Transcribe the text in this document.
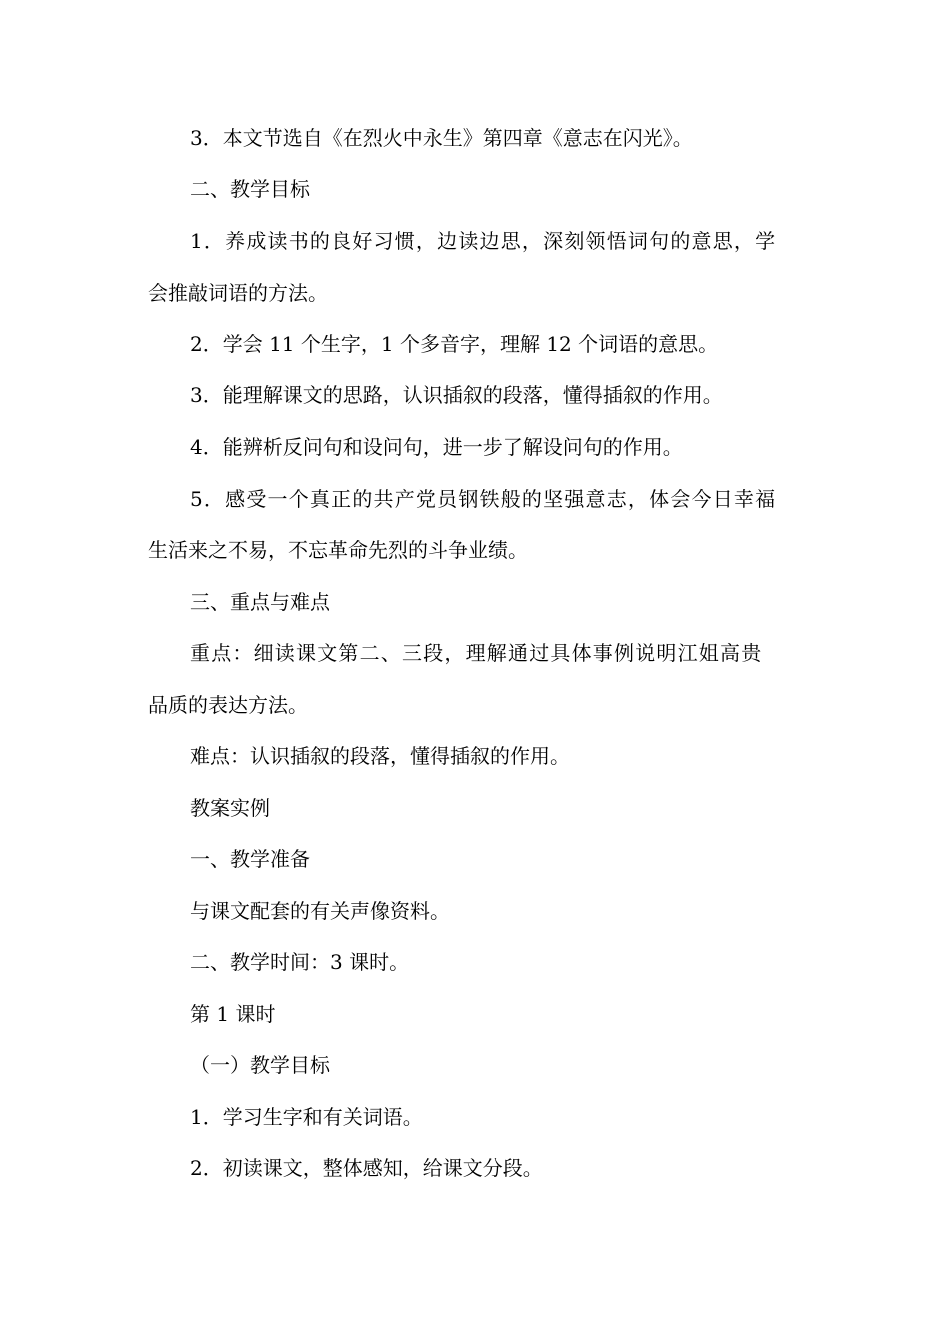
3．本文节选自《在烈火中永生》第四章《意志在闪光》。
二、教学目标
1．养成读书的良好习惯，边读边思，深刻领悟词句的意思，学
会推敲词语的方法。
2．学会 11 个生字，1 个多音字，理解 12 个词语的意思。
3．能理解课文的思路，认识插叙的段落，懂得插叙的作用。
4．能辨析反问句和设问句，进一步了解设问句的作用。
5．感受一个真正的共产党员钢铁般的坚强意志，体会今日幸福
生活来之不易，不忘革命先烈的斗争业绩。
三、重点与难点
重点：细读课文第二、三段，理解通过具体事例说明江姐高贵
品质的表达方法。
难点：认识插叙的段落，懂得插叙的作用。
教案实例
一、教学准备
与课文配套的有关声像资料。
二、教学时间：3 课时。
第 1 课时
（一）教学目标
1．学习生字和有关词语。
2．初读课文，整体感知，给课文分段。
